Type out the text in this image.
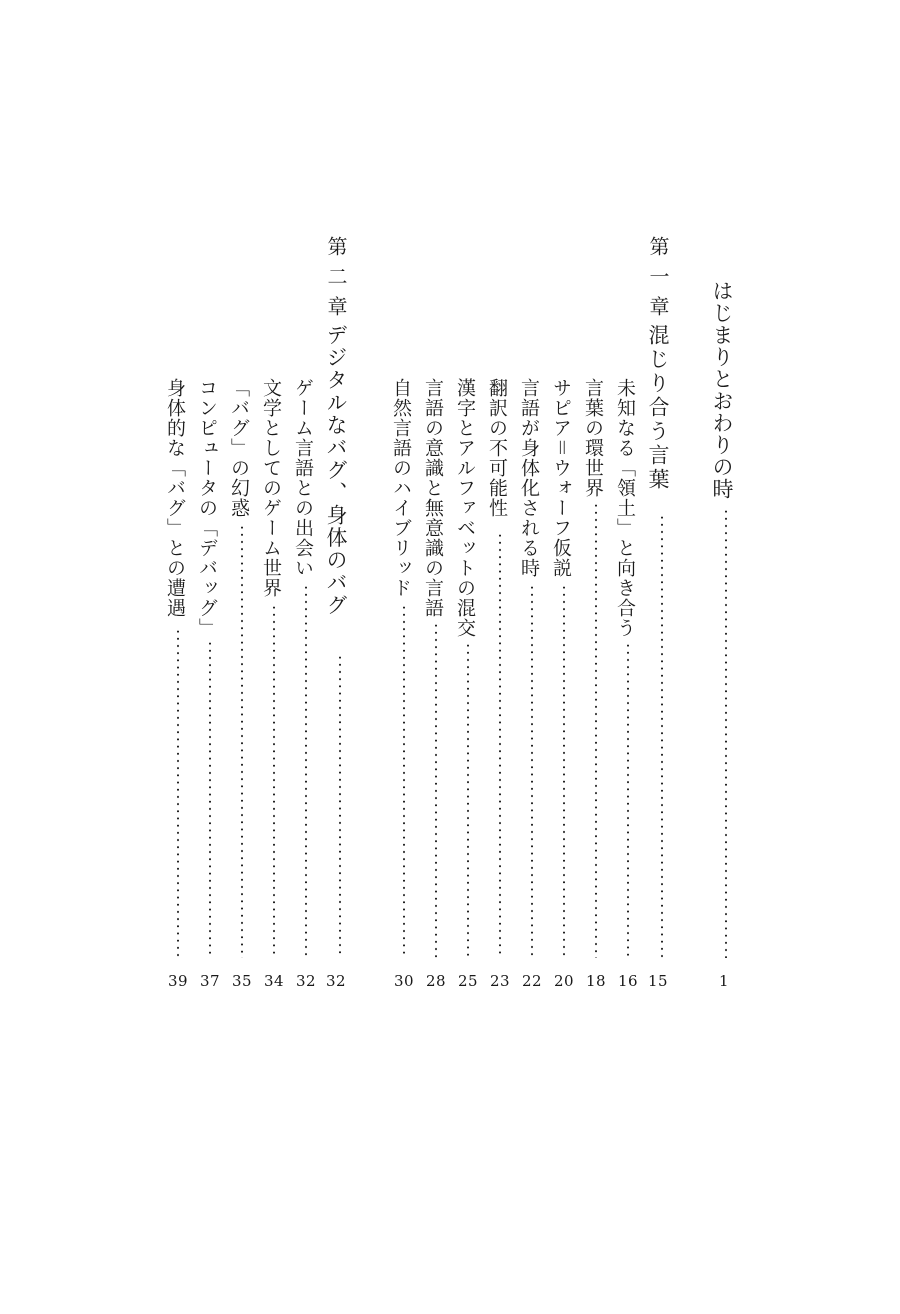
はじまりとおわりの時
1
第一章
混じり合う言葉
15
未知なる「領土」と向き合う
16
言葉の環世界
18
サピア＝ウォーフ仮説
20
言語が身体化される時
22
翻訳の不可能性
23
漢字とアルファベットの混交
25
言語の意識と無意識の言語
28
自然言語のハイブリッド
30
第二章
デジタルなバグ、身体のバグ
32
ゲーム言語との出会い
32
文学としてのゲーム世界
34
「バグ」の幻惑
35
コンピュータの「デバッグ」
37
身体的な「バグ」との遭遇
39
